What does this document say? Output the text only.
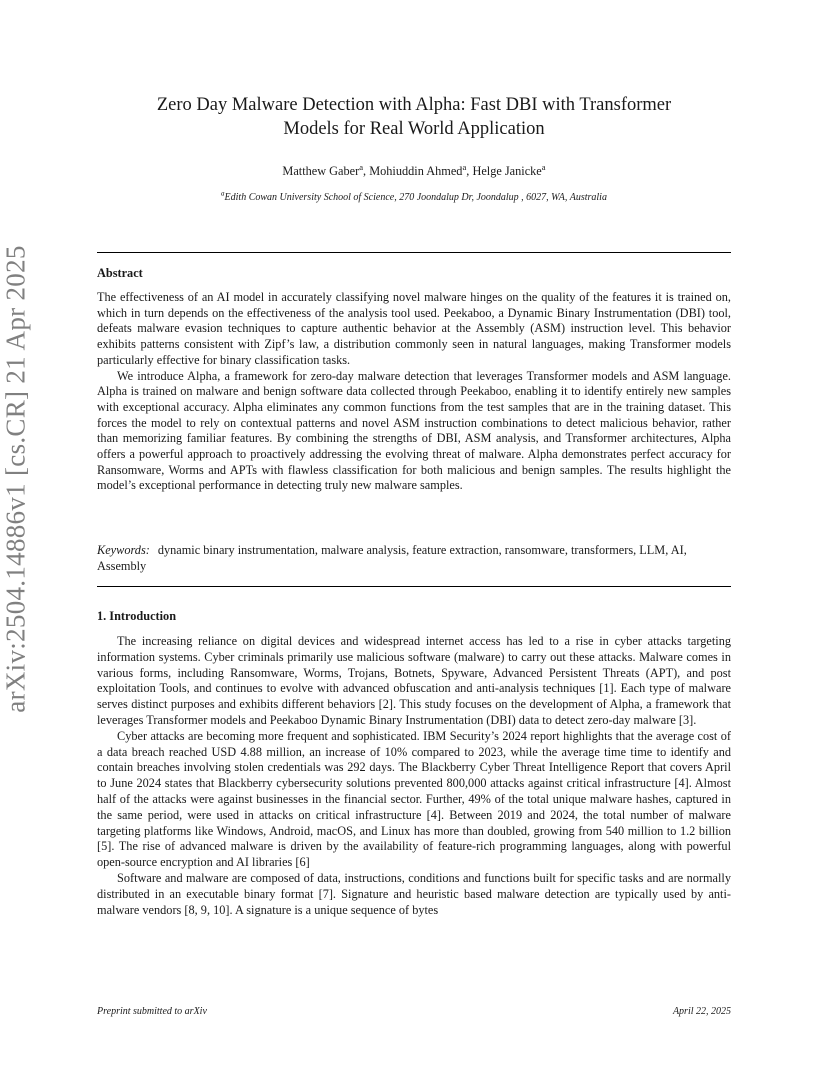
arXiv:2504.14886v1 [cs.CR] 21 Apr 2025
Zero Day Malware Detection with Alpha: Fast DBI with Transformer
Models for Real World Application
Matthew Gaber$^a$, Mohiuddin Ahmed$^a$, Helge Janicke$^a$
$^a$Edith Cowan University School of Science, 270 Joondalup Dr, Joondalup , 6027, WA, Australia
Abstract

The effectiveness of an AI model in accurately classifying novel malware hinges on the quality of the features it is trained on, which in turn depends on the effectiveness of the analysis tool used. Peekaboo, a Dynamic Binary Instrumentation (DBI) tool, defeats malware evasion techniques to capture authentic behavior at the Assembly (ASM) instruction level. This behavior exhibits patterns consistent with Zipf’s law, a distribution commonly seen in natural languages, making Transformer models particularly effective for binary classification tasks.

We introduce Alpha, a framework for zero-day malware detection that leverages Transformer models and ASM language. Alpha is trained on malware and benign software data collected through Peekaboo, enabling it to identify entirely new samples with exceptional accuracy. Alpha eliminates any common functions from the test samples that are in the training dataset. This forces the model to rely on contextual patterns and novel ASM instruction combinations to detect malicious behavior, rather than memorizing familiar features. By combining the strengths of DBI, ASM analysis, and Transformer architectures, Alpha offers a powerful approach to proactively addressing the evolving threat of malware. Alpha demonstrates perfect accuracy for Ransomware, Worms and APTs with flawless classification for both malicious and benign samples. The results highlight the model’s exceptional performance in detecting truly new malware samples.

Keywords: dynamic binary instrumentation, malware analysis, feature extraction, ransomware, transformers, LLM, AI, Assembly
1. Introduction

The increasing reliance on digital devices and widespread internet access has led to a rise in cyber attacks targeting information systems. Cyber criminals primarily use malicious software (malware) to carry out these attacks. Malware comes in various forms, including Ransomware, Worms, Trojans, Botnets, Spyware, Advanced Persistent Threats (APT), and post exploitation Tools, and continues to evolve with advanced obfuscation and anti-analysis techniques [1]. Each type of malware serves distinct purposes and exhibits different behaviors [2]. This study focuses on the development of Alpha, a framework that leverages Transformer models and Peekaboo Dynamic Binary Instrumentation (DBI) data to detect zero-day malware [3].

Cyber attacks are becoming more frequent and sophisticated. IBM Security’s 2024 report highlights that the average cost of a data breach reached USD 4.88 million, an increase of 10% compared to 2023, while the average time time to identify and contain breaches involving stolen credentials was 292 days. The Blackberry Cyber Threat Intelligence Report that covers April to June 2024 states that Blackberry cybersecurity solutions prevented 800,000 attacks against critical infrastructure [4]. Almost half of the attacks were against businesses in the financial sector. Further, 49% of the total unique malware hashes, captured in the same period, were used in attacks on critical infrastructure [4]. Between 2019 and 2024, the total number of malware targeting platforms like Windows, Android, macOS, and Linux has more than doubled, growing from 540 million to 1.2 billion [5]. The rise of advanced malware is driven by the availability of feature-rich programming languages, along with powerful open-source encryption and AI libraries [6]

Software and malware are composed of data, instructions, conditions and functions built for specific tasks and are normally distributed in an executable binary format [7]. Signature and heuristic based malware detection are typically used by anti-malware vendors [8, 9, 10]. A signature is a unique sequence of bytes

Preprint submitted to arXiv	April 22, 2025
